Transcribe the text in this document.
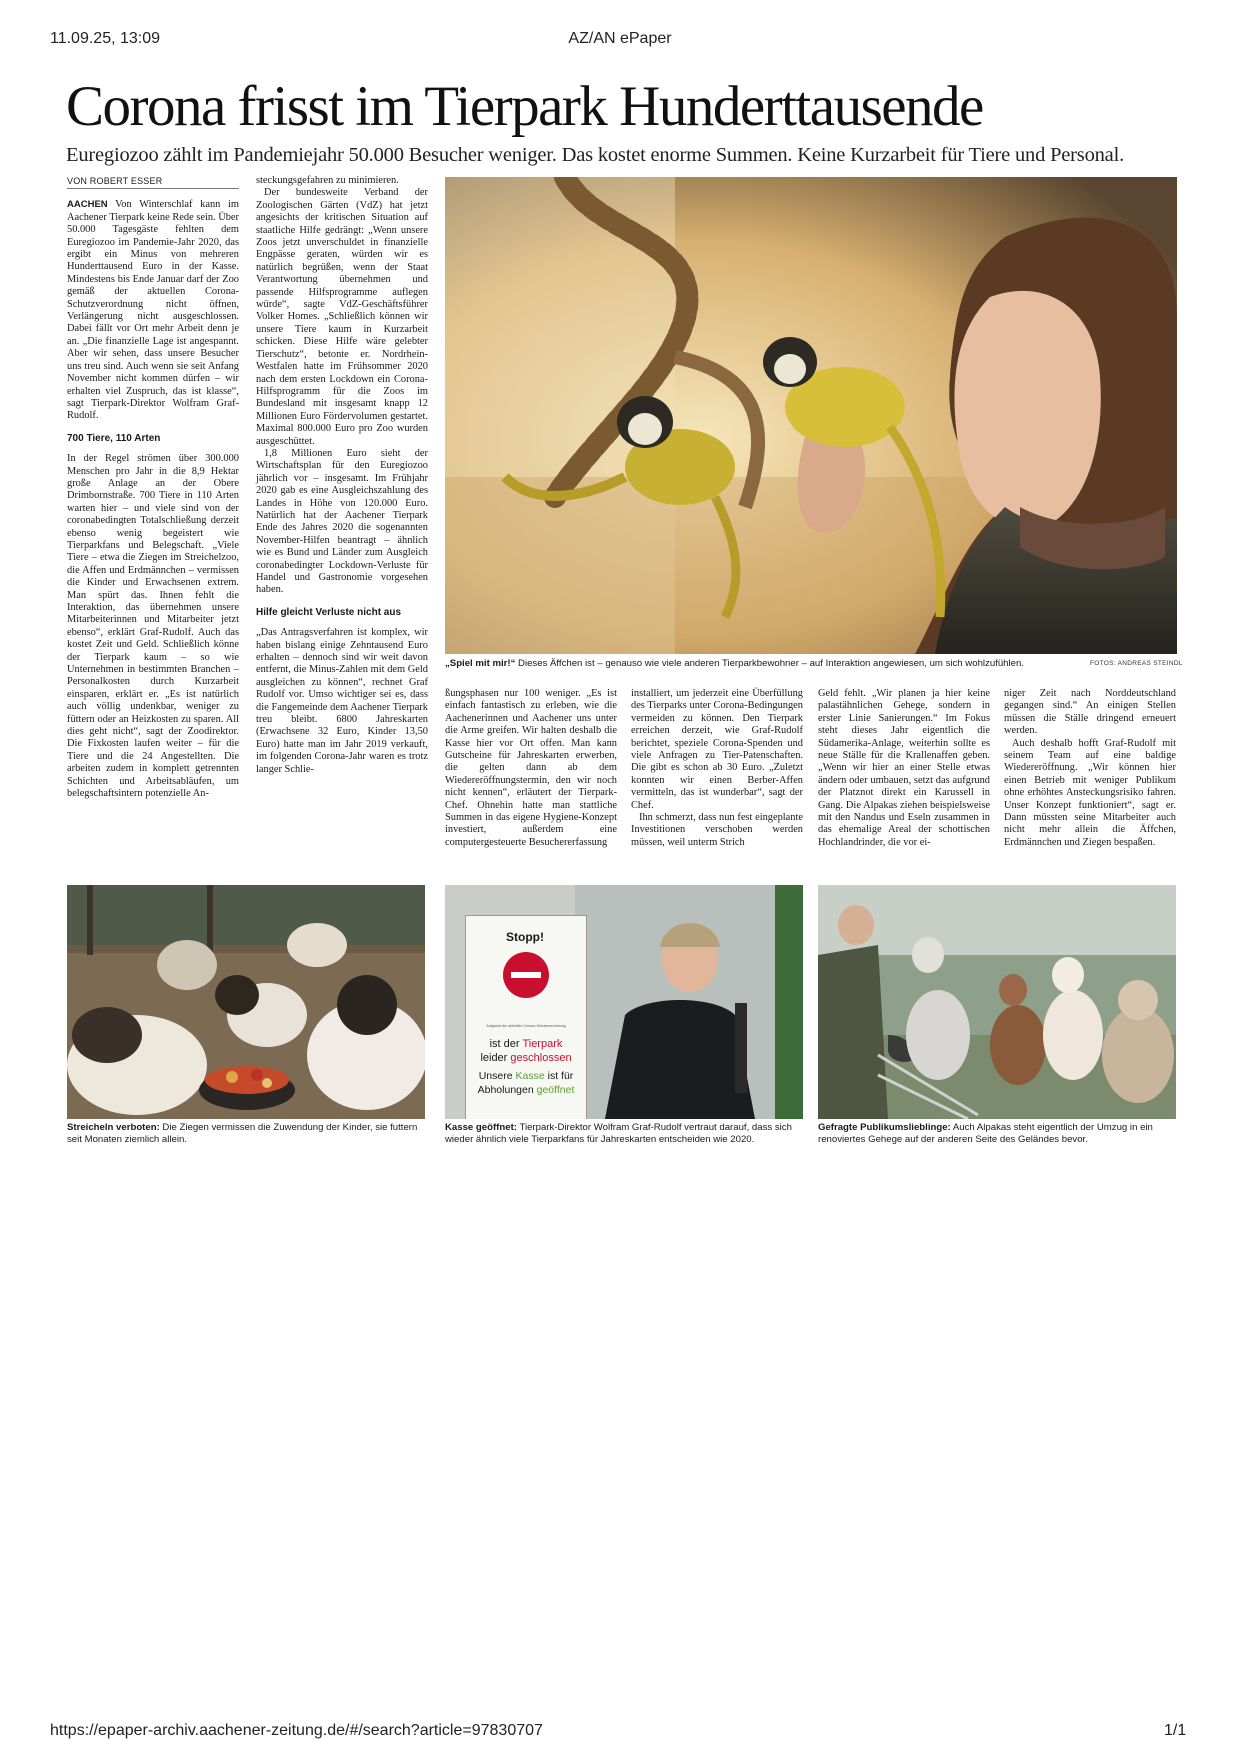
11.09.25, 13:09	AZ/AN ePaper
https://epaper-archiv.aachener-zeitung.de/#/search?article=97830707	1/1
Corona frisst im Tierpark Hunderttausende
Euregiozoo zählt im Pandemiejahr 50.000 Besucher weniger. Das kostet enorme Summen. Keine Kurzarbeit für Tiere und Personal.
VON ROBERT ESSER

AACHEN Von Winterschlaf kann im Aachener Tierpark keine Rede sein. Über 50.000 Tagesgäste fehlten dem Euregiozoo im Pandemie-Jahr 2020, das ergibt ein Minus von mehreren Hunderttausend Euro in der Kasse. Mindestens bis Ende Januar darf der Zoo gemäß der aktuellen Corona-Schutzverordnung nicht öffnen, Verlängerung nicht ausgeschlossen. Dabei fällt vor Ort mehr Arbeit denn je an. „Die finanzielle Lage ist angespannt. Aber wir sehen, dass unsere Besucher uns treu sind. Auch wenn sie seit Anfang November nicht kommen dürfen – wir erhalten viel Zuspruch, das ist klasse“, sagt Tierpark-Direktor Wolfram Graf-Rudolf.

700 Tiere, 110 Arten

In der Regel strömen über 300.000 Menschen pro Jahr in die 8,9 Hektar große Anlage an der Obere Drimbornstraße. 700 Tiere in 110 Arten warten hier – und viele sind von der coronabedingten Totalschließung derzeit ebenso wenig begeistert wie Tierparkfans und Belegschaft. „Viele Tiere – etwa die Ziegen im Streichelzoo, die Affen und Erdmännchen – vermissen die Kinder und Erwachsenen extrem. Man spürt das. Ihnen fehlt die Interaktion, das übernehmen unsere Mitarbeiterinnen und Mitarbeiter jetzt ebenso“, erklärt Graf-Rudolf. Auch das kostet Zeit und Geld. Schließlich könne der Tierpark kaum – so wie Unternehmen in bestimmten Branchen – Personalkosten durch Kurzarbeit einsparen, erklärt er. „Es ist natürlich auch völlig undenkbar, weniger zu füttern oder an Heizkosten zu sparen. All dies geht nicht“, sagt der Zoodirektor. Die Fixkosten laufen weiter – für die Tiere und die 24 Angestellten. Die arbeiten zudem in komplett getrennten Schichten und Arbeitsabläufen, um belegschaftsintern potenzielle An-

steckungsgefahren zu minimieren.

Der bundesweite Verband der Zoologischen Gärten (VdZ) hat jetzt angesichts der kritischen Situation auf staatliche Hilfe gedrängt: „Wenn unsere Zoos jetzt unverschuldet in finanzielle Engpässe geraten, würden wir es natürlich begrüßen, wenn der Staat Verantwortung übernehmen und passende Hilfsprogramme auflegen würde“, sagte VdZ-Geschäftsführer Volker Homes. „Schließlich können wir unsere Tiere kaum in Kurzarbeit schicken. Diese Hilfe wäre gelebter Tierschutz“, betonte er. Nordrhein-Westfalen hatte im Frühsommer 2020 nach dem ersten Lockdown ein Corona-Hilfsprogramm für die Zoos im Bundesland mit insgesamt knapp 12 Millionen Euro Fördervolumen gestartet. Maximal 800.000 Euro pro Zoo wurden ausgeschüttet.

1,8 Millionen Euro sieht der Wirtschaftsplan für den Euregiozoo jährlich vor – insgesamt. Im Frühjahr 2020 gab es eine Ausgleichszahlung des Landes in Höhe von 120.000 Euro. Natürlich hat der Aachener Tierpark Ende des Jahres 2020 die sogenannten November-Hilfen beantragt – ähnlich wie es Bund und Länder zum Ausgleich coronabedingter Lockdown-Verluste für Handel und Gastronomie vorgesehen haben.

Hilfe gleicht Verluste nicht aus

„Das Antragsverfahren ist komplex, wir haben bislang einige Zehntausend Euro erhalten – dennoch sind wir weit davon entfernt, die Minus-Zahlen mit dem Geld ausgleichen zu können“, rechnet Graf Rudolf vor. Umso wichtiger sei es, dass die Fangemeinde dem Aachener Tierpark treu bleibt. 6800 Jahreskarten (Erwachsene 32 Euro, Kinder 13,50 Euro) hatte man im Jahr 2019 verkauft, im folgenden Corona-Jahr waren es trotz langer Schlie-

„Spiel mit mir!“ Dieses Äffchen ist – genauso wie viele anderen Tierparkbewohner – auf Interaktion angewiesen, um sich wohlzufühlen.	FOTOS: ANDREAS STEINDL

ßungsphasen nur 100 weniger. „Es ist einfach fantastisch zu erleben, wie die Aachenerinnen und Aachener uns unter die Arme greifen. Wir halten deshalb die Kasse hier vor Ort offen. Man kann Gutscheine für Jahreskarten erwerben, die gelten dann ab dem Wiedereröffnungstermin, den wir noch nicht kennen“, erläutert der Tierpark-Chef. Ohnehin hatte man stattliche Summen in das eigene Hygiene-Konzept investiert, außerdem eine computergesteuerte Besuchererfassung

installiert, um jederzeit eine Überfüllung des Tierparks unter Corona-Bedingungen vermeiden zu können. Den Tierpark erreichen derzeit, wie Graf-Rudolf berichtet, speziele Corona-Spenden und viele Anfragen zu Tier-Patenschaften. Die gibt es schon ab 30 Euro. „Zuletzt konnten wir einen Berber-Affen vermitteln, das ist wunderbar“, sagt der Chef.

Ihn schmerzt, dass nun fest eingeplante Investitionen verschoben werden müssen, weil unterm Strich

Geld fehlt. „Wir planen ja hier keine palastähnlichen Gehege, sondern in erster Linie Sanierungen.“ Im Fokus steht dieses Jahr eigentlich die Südamerika-Anlage, weiterhin sollte es neue Ställe für die Krallenaffen geben. „Wenn wir hier an einer Stelle etwas ändern oder umbauen, setzt das aufgrund der Platznot direkt ein Karussell in Gang. Die Alpakas ziehen beispielsweise mit den Nandus und Eseln zusammen in das ehemalige Areal der schottischen Hochlandrinder, die vor ei-

niger Zeit nach Norddeutschland gegangen sind.“ An einigen Stellen müssen die Ställe dringend erneuert werden.

Auch deshalb hofft Graf-Rudolf mit seinem Team auf eine baldige Wiedereröffnung. „Wir können hier einen Betrieb mit weniger Publikum ohne erhöhtes Ansteckungsrisiko fahren. Unser Konzept funktioniert“, sagt er. Dann müssten seine Mitarbeiter auch nicht mehr allein die Äffchen, Erdmännchen und Ziegen bespaßen.

Streicheln verboten: Die Ziegen vermissen die Zuwendung der Kinder, sie futtern seit Monaten ziemlich allein.
Stopp!
Aufgrund der aktuellen Corona-Schutzverordnung
ist der Tierpark
leider geschlossen
Unsere Kasse ist für
Abholungen geöffnet
Kasse geöffnet: Tierpark-Direktor Wolfram Graf-Rudolf vertraut darauf, dass sich wieder ähnlich viele Tierparkfans für Jahreskarten entscheiden wie 2020.
Gefragte Publikumslieblinge: Auch Alpakas steht eigentlich der Umzug in ein renoviertes Gehege auf der anderen Seite des Geländes bevor.
